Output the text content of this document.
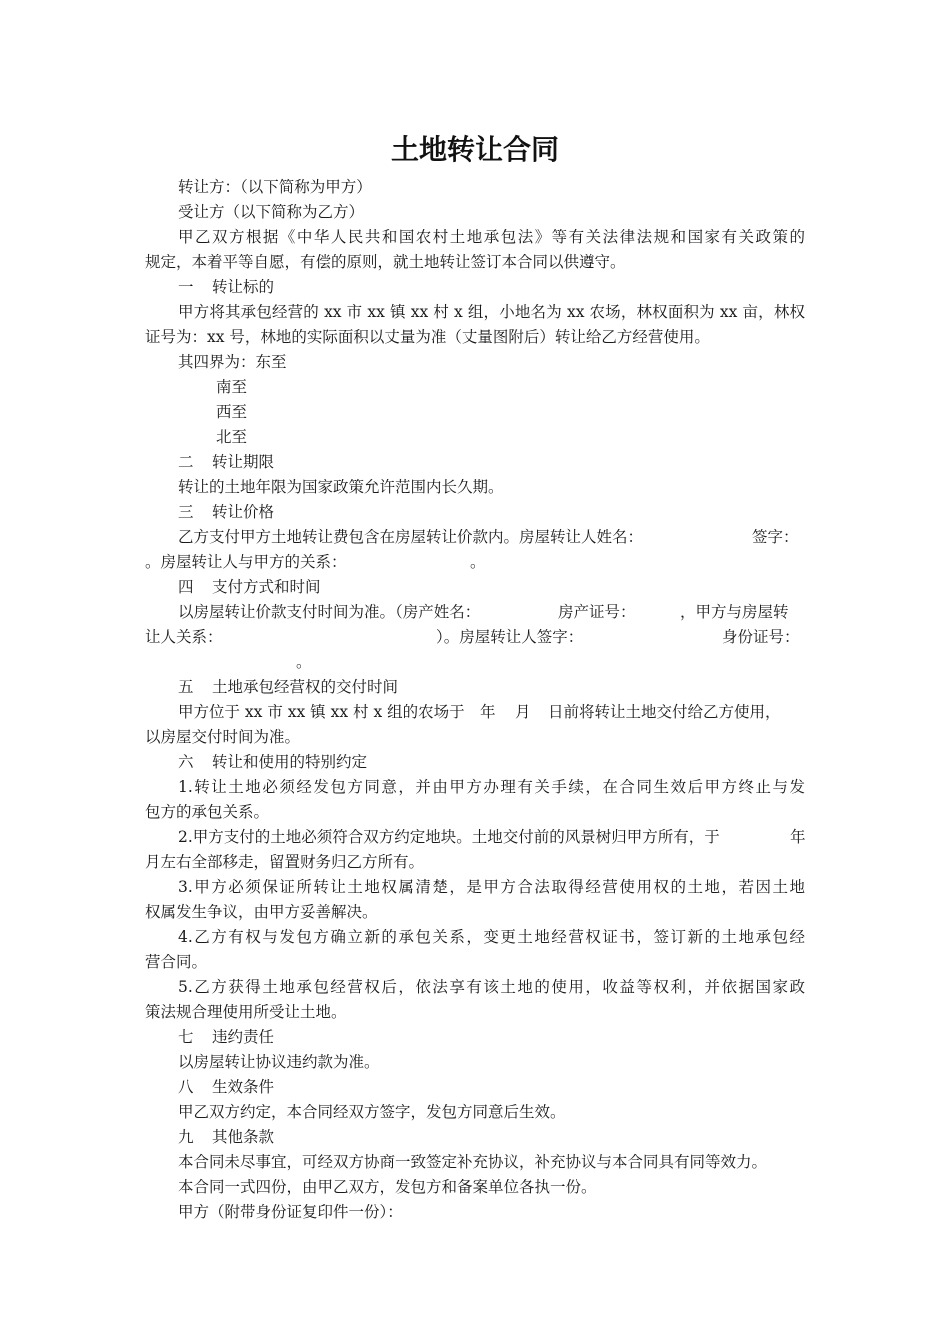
土地转让合同
转让方：（以下简称为甲方）
受让方（以下简称为乙方）
甲乙双方根据《中华人民共和国农村土地承包法》等有关法律法规和国家有关政策的
规定，本着平等自愿，有偿的原则，就土地转让签订本合同以供遵守。
一 转让标的
甲方将其承包经营的 xx 市 xx 镇 xx 村 x 组，小地名为 xx 农场，林权面积为 xx 亩，林权
证号为：xx 号，林地的实际面积以丈量为准（丈量图附后）转让给乙方经营使用。
其四界为：东至
南至
西至
北至
二 转让期限
转让的土地年限为国家政策允许范围内长久期。
三 转让价格
乙方支付甲方土地转让费包含在房屋转让价款内。房屋转让人姓名：	签字：
。房屋转让人与甲方的关系：	。
四 支付方式和时间
以房屋转让价款支付时间为准。（房产姓名：	房产证号：	，甲方与房屋转
让人关系：	）。房屋转让人签字：	身份证号：
。
五 土地承包经营权的交付时间
甲方位于 xx 市 xx 镇 xx 村 x 组的农场于 年 月 日前将转让土地交付给乙方使用，
以房屋交付时间为准。
六 转让和使用的特别约定
1.转让土地必须经发包方同意，并由甲方办理有关手续，在合同生效后甲方终止与发
包方的承包关系。
2.甲方支付的土地必须符合双方约定地块。土地交付前的风景树归甲方所有，于	年
月左右全部移走，留置财务归乙方所有。
3.甲方必须保证所转让土地权属清楚，是甲方合法取得经营使用权的土地，若因土地
权属发生争议，由甲方妥善解决。
4.乙方有权与发包方确立新的承包关系，变更土地经营权证书，签订新的土地承包经
营合同。
5.乙方获得土地承包经营权后，依法享有该土地的使用，收益等权利，并依据国家政
策法规合理使用所受让土地。
七 违约责任
以房屋转让协议违约款为准。
八 生效条件
甲乙双方约定，本合同经双方签字，发包方同意后生效。
九 其他条款
本合同未尽事宜，可经双方协商一致签定补充协议，补充协议与本合同具有同等效力。
本合同一式四份，由甲乙双方，发包方和备案单位各执一份。
甲方（附带身份证复印件一份）：
